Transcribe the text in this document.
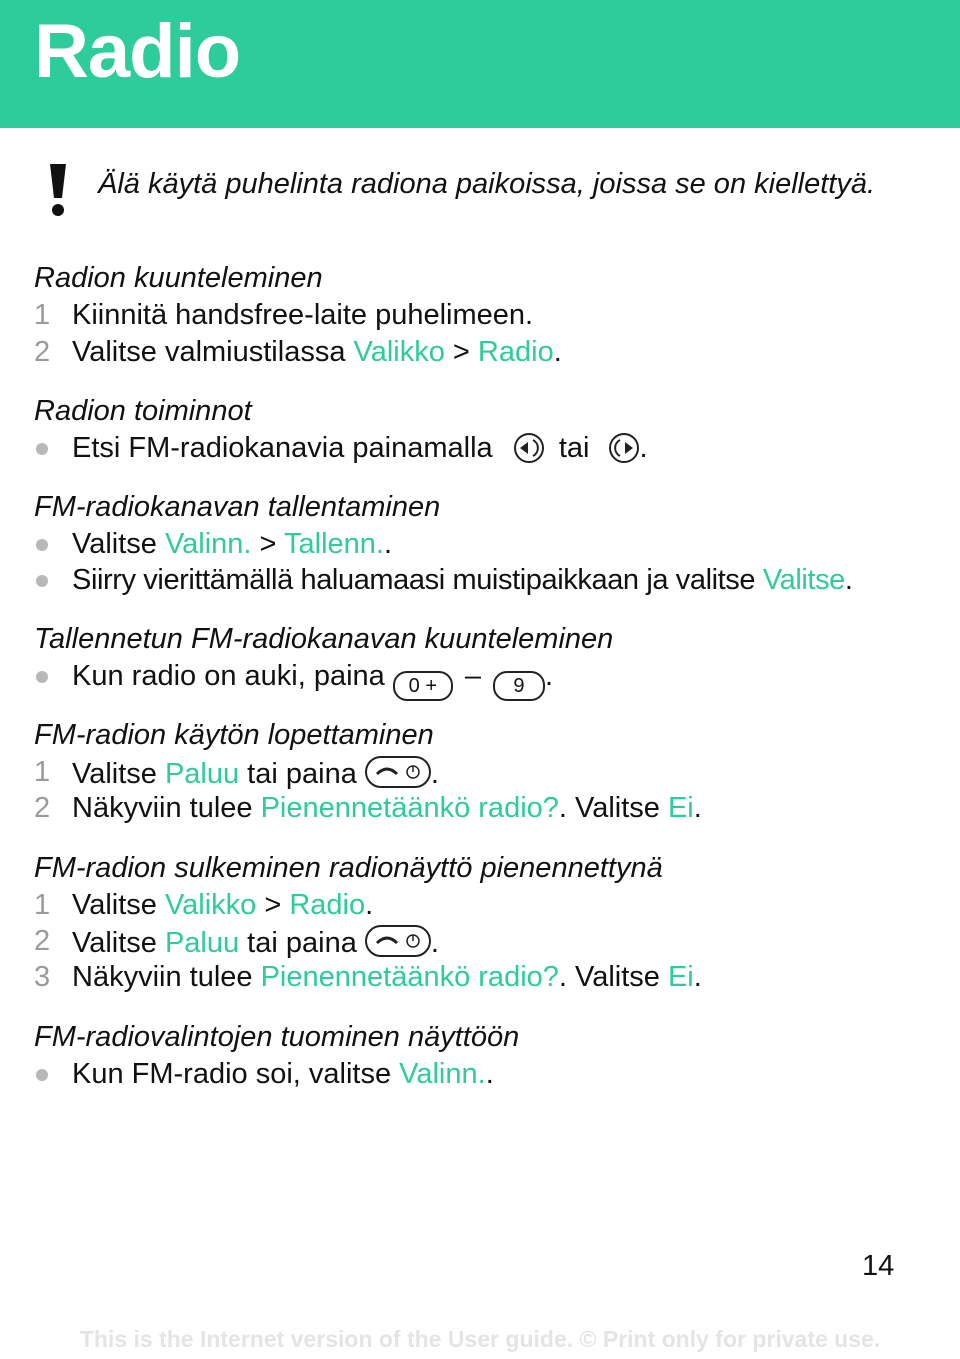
Radio
Älä käytä puhelinta radiona paikoissa, joissa se on kiellettyä.
Radion kuunteleminen
1 Kiinnitä handsfree-laite puhelimeen.
2 Valitse valmiustilassa Valikko > Radio.
Radion toiminnot
Etsi FM-radiokanavia painamalla tai .
FM-radiokanavan tallentaminen
Valitse Valinn. > Tallenn..
Siirry vierittämällä haluamaasi muistipaikkaan ja valitse Valitse.
Tallennetun FM-radiokanavan kuunteleminen
Kun radio on auki, paina 0 + – 9 .
FM-radion käytön lopettaminen
1 Valitse Paluu tai paina .
2 Näkyviin tulee Pienennetäänkö radio?. Valitse Ei.
FM-radion sulkeminen radionäyttö pienennettynä
1 Valitse Valikko > Radio.
2 Valitse Paluu tai paina .
3 Näkyviin tulee Pienennetäänkö radio?. Valitse Ei.
FM-radiovalintojen tuominen näyttöön
Kun FM-radio soi, valitse Valinn..
14
This is the Internet version of the User guide. © Print only for private use.
